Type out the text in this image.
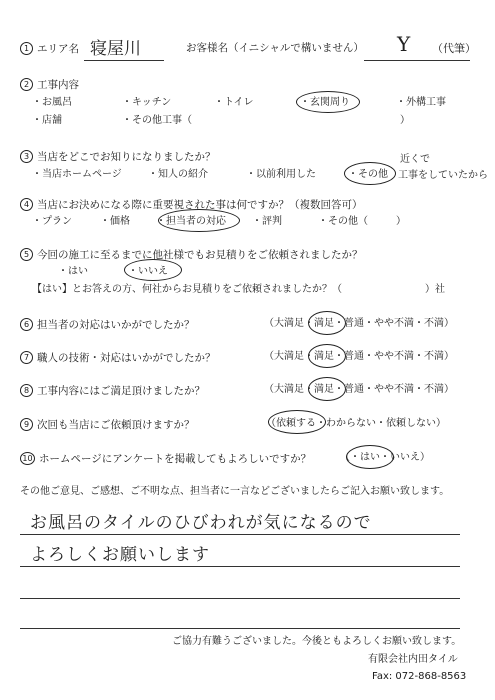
1 エリア名 寝屋川	お客様名（イニシャルで構いません） Y （代筆）
2 工事内容
・お風呂	・キッチン	・トイレ	・玄関周り	・外構工事
・店舗	・その他工事（	）
3 当店をどこでお知りになりましたか？
・当店ホームページ	・知人の紹介	・以前利用した	・その他
近くで
工事をしていたから
4 当店にお決めになる際に重要視された事は何ですか？（複数回答可）
・プラン	・価格	・担当者の対応	・評判	・その他（	）
5 今回の施工に至るまでに他社様でもお見積りをご依頼されましたか？
・はい	・いいえ
【はい】とお答えの方、何社からお見積りをご依頼されましたか？（	）社
6 担当者の対応はいかがでしたか？	（大満足・満足・普通・やや不満・不満）
7 職人の技術・対応はいかがでしたか？	（大満足・満足・普通・やや不満・不満）
8 工事内容にはご満足頂けましたか？	（大満足・満足・普通・やや不満・不満）
9 次回も当店にご依頼頂けますか？	（依頼する・わからない・依頼しない）
10 ホームページにアンケートを掲載してもよろしいですか？	（・はい・いいえ）
その他ご意見、ご感想、ご不明な点、担当者に一言などございましたらご記入お願い致します。
お風呂のタイルのひびわれが気になるので
よろしくお願いします
ご協力有難うございました。今後ともよろしくお願い致します。
有限会社内田タイル
Fax: 072-868-8563
